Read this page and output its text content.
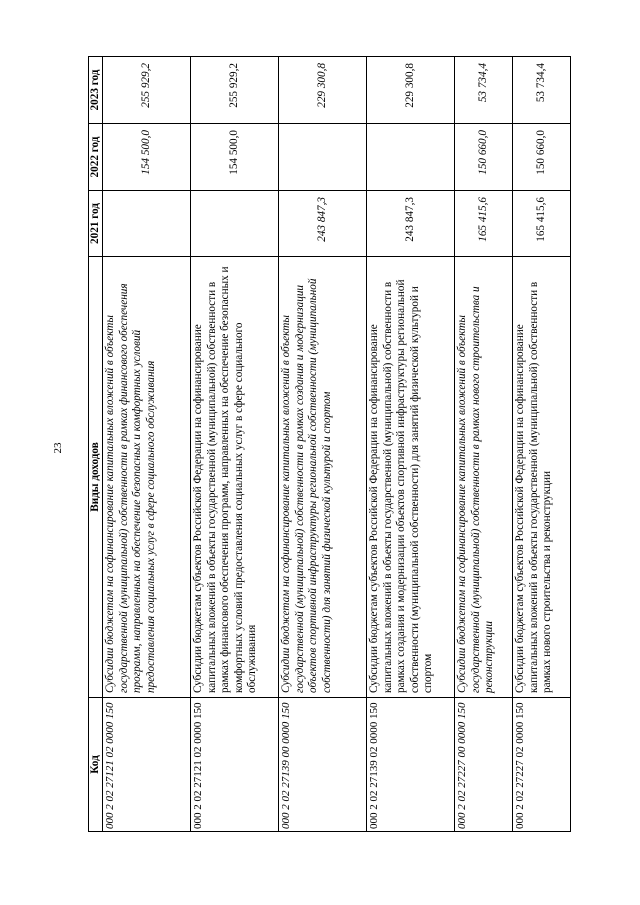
23
Код	Виды доходов	2021 год	2022 год	2023 год
000 2 02 27121 02 0000 150	Субсидии бюджетам на софинансирование капитальных вложений в объекты государственной (муниципальной) собственности в рамках финансового обеспечения программ, направленных на обеспечение безопасных и комфортных условий предоставления социальных услуг в сфере социального обслуживания		154 500,0	255 929,2
000 2 02 27121 02 0000 150	Субсидии бюджетам субъектов Российской Федерации на софинансирование капитальных вложений в объекты государственной (муниципальной) собственности в рамках финансового обеспечения программ, направленных на обеспечение безопасных и комфортных условий предоставления социальных услуг в сфере социального обслуживания		154 500,0	255 929,2
000 2 02 27139 00 0000 150	Субсидии бюджетам на софинансирование капитальных вложений в объекты государственной (муниципальной) собственности в рамках создания и модернизации объектов спортивной инфраструктуры региональной собственности (муниципальной собственности) для занятий физической культурой и спортом	243 847,3		229 300,8
000 2 02 27139 02 0000 150	Субсидии бюджетам субъектов Российской Федерации на софинансирование капитальных вложений в объекты государственной (муниципальной) собственности в рамках создания и модернизации объектов спортивной инфраструктуры региональной собственности (муниципальной собственности) для занятий физической культурой и спортом	243 847,3		229 300,8
000 2 02 27227 00 0000 150	Субсидии бюджетам на софинансирование капитальных вложений в объекты государственной (муниципальной) собственности в рамках нового строительства и реконструкции	165 415,6	150 660,0	53 734,4
000 2 02 27227 02 0000 150	Субсидии бюджетам субъектов Российской Федерации на софинансирование капитальных вложений в объекты государственной (муниципальной) собственности в рамках нового строительства и реконструкции	165 415,6	150 660,0	53 734,4
